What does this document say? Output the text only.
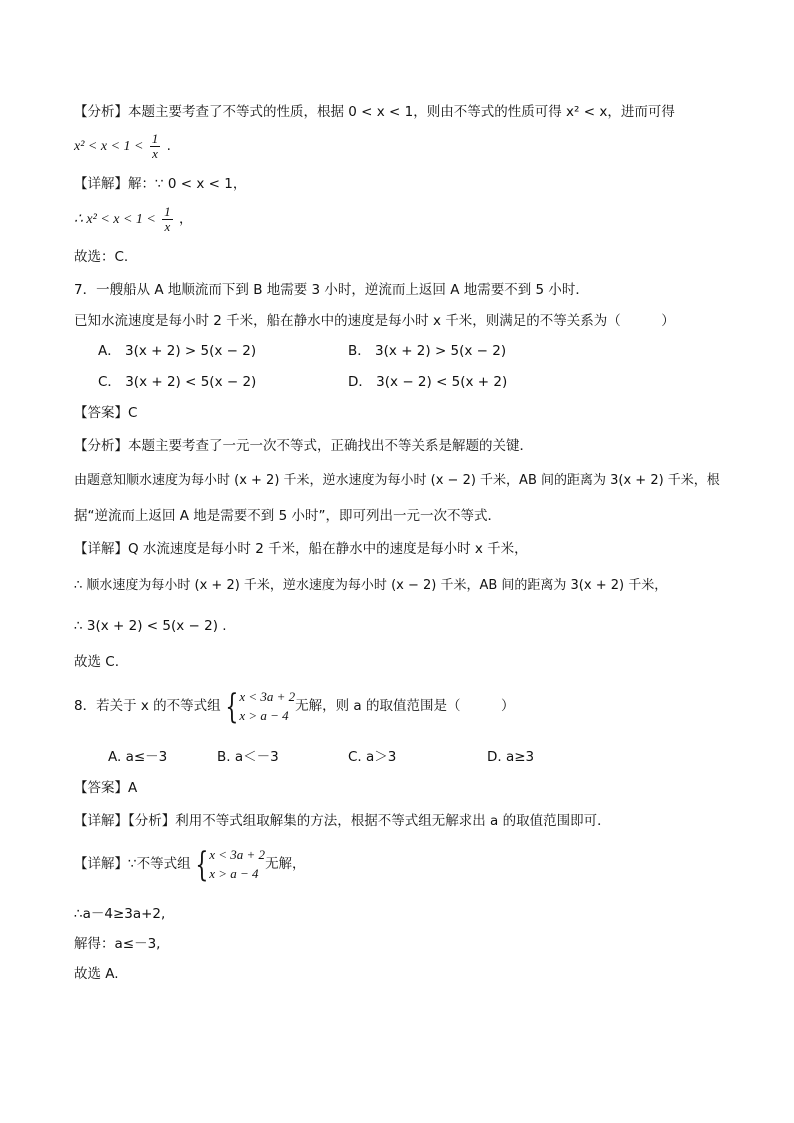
【分析】本题主要考查了不等式的性质，根据 0 < x < 1，则由不等式的性质可得 x² < x，进而可得
$x^2 < x < 1 < \frac{1}{x}$ .
【详解】解：∵ 0 < x < 1，
∴ $x^2 < x < 1 < \frac{1}{x}$ ，
故选：C.
7．一艘船从 A 地顺流而下到 B 地需要 3 小时，逆流而上返回 A 地需要不到 5 小时．
已知水流速度是每小时 2 千米，船在静水中的速度是每小时 x 千米，则满足的不等关系为（　　　）
A． 3(x + 2) > 5(x − 2)	B． 3(x + 2) > 5(x − 2)
C． 3(x + 2) < 5(x − 2)	D． 3(x − 2) < 5(x + 2)
【答案】C
【分析】本题主要考查了一元一次不等式，正确找出不等关系是解题的关键．
由题意知顺水速度为每小时 (x + 2) 千米，逆水速度为每小时 (x − 2) 千米，AB 间的距离为 3(x + 2) 千米，根
据“逆流而上返回 A 地是需要不到 5 小时”，即可列出一元一次不等式．
【详解】Q 水流速度是每小时 2 千米，船在静水中的速度是每小时 x 千米，
∴ 顺水速度为每小时 (x + 2) 千米，逆水速度为每小时 (x − 2) 千米，AB 间的距离为 3(x + 2) 千米，
∴ 3(x + 2) < 5(x − 2) .
故选 C.
8．若关于 x 的不等式组 { x < 3a + 2
x > a − 4
无解，则 a 的取值范围是（　　　）
A. a≤－3	B. a＜－3	C. a＞3	D. a≥3
【答案】A
【详解】【分析】利用不等式组取解集的方法，根据不等式组无解求出 a 的取值范围即可．
【详解】∵不等式组 { x < 3a + 2
x > a − 4
无解，
∴a－4≥3a+2,
解得：a≤－3,
故选 A.
